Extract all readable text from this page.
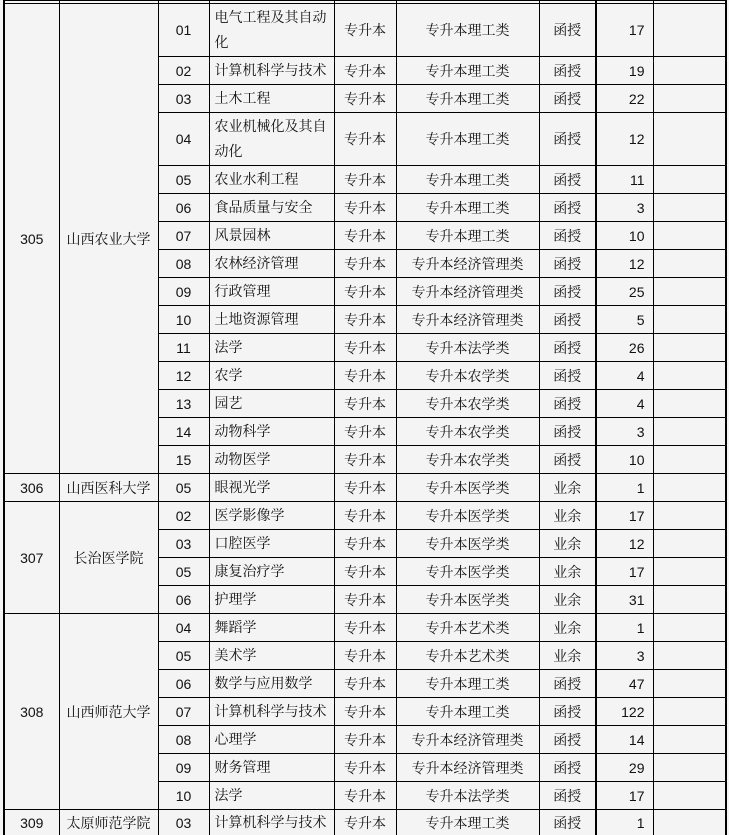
305	山西农业大学	01	电气工程及其自动化	专升本	专升本理工类	函授	17	
		02	计算机科学与技术	专升本	专升本理工类	函授	19	
		03	土木工程	专升本	专升本理工类	函授	22	
		04	农业机械化及其自动化	专升本	专升本理工类	函授	12	
		05	农业水利工程	专升本	专升本理工类	函授	11	
		06	食品质量与安全	专升本	专升本理工类	函授	3	
		07	风景园林	专升本	专升本理工类	函授	10	
		08	农林经济管理	专升本	专升本经济管理类	函授	12	
		09	行政管理	专升本	专升本经济管理类	函授	25	
		10	土地资源管理	专升本	专升本经济管理类	函授	5	
		11	法学	专升本	专升本法学类	函授	26	
		12	农学	专升本	专升本农学类	函授	4	
		13	园艺	专升本	专升本农学类	函授	4	
		14	动物科学	专升本	专升本农学类	函授	3	
		15	动物医学	专升本	专升本农学类	函授	10	
306	山西医科大学	05	眼视光学	专升本	专升本医学类	业余	1	
307	长治医学院	02	医学影像学	专升本	专升本医学类	业余	17	
		03	口腔医学	专升本	专升本医学类	业余	12	
		05	康复治疗学	专升本	专升本医学类	业余	17	
		06	护理学	专升本	专升本医学类	业余	31	
308	山西师范大学	04	舞蹈学	专升本	专升本艺术类	业余	1	
		05	美术学	专升本	专升本艺术类	业余	3	
		06	数学与应用数学	专升本	专升本理工类	函授	47	
		07	计算机科学与技术	专升本	专升本理工类	函授	122	
		08	心理学	专升本	专升本经济管理类	函授	14	
		09	财务管理	专升本	专升本经济管理类	函授	29	
		10	法学	专升本	专升本法学类	函授	17	
309	太原师范学院	03	计算机科学与技术	专升本	专升本理工类	函授	1	
